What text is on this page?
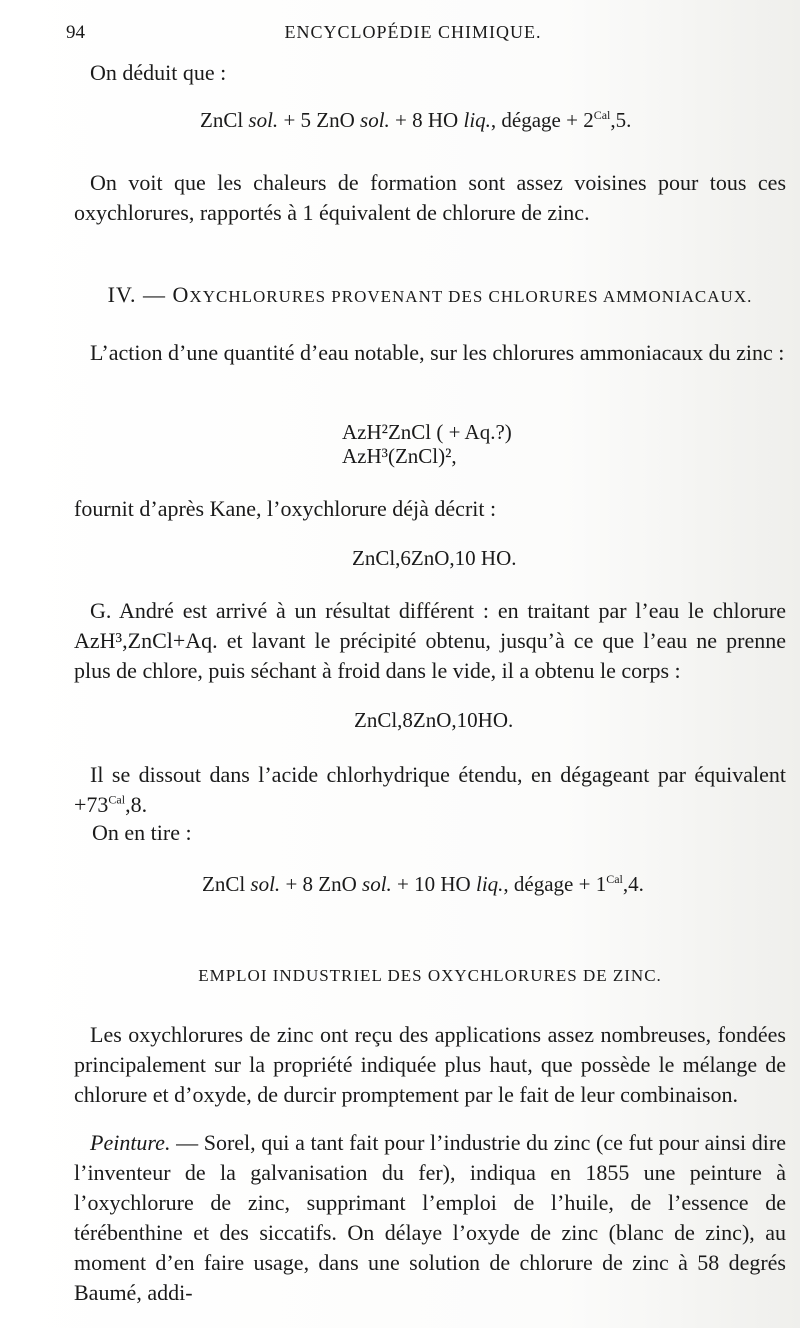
94	ENCYCLOPÉDIE CHIMIQUE.
On déduit que :
ZnCl sol. + 5 ZnO sol. + 8 HO liq., dégage + $2^{Cal},5$.
On voit que les chaleurs de formation sont assez voisines pour tous ces oxychlorures, rapportés à 1 équivalent de chlorure de zinc.
IV. — OXYCHLORURES PROVENANT DES CHLORURES AMMONIACAUX.
L’action d’une quantité d’eau notable, sur les chlorures ammoniacaux du zinc :
AzH²ZnCl ( + Aq.?)
AzH³(ZnCl)²,
fournit d’après Kane, l’oxychlorure déjà décrit :
ZnCl,6ZnO,10 HO.
G. André est arrivé à un résultat différent : en traitant par l’eau le chlorure AzH³,ZnCl+Aq. et lavant le précipité obtenu, jusqu’à ce que l’eau ne prenne plus de chlore, puis séchant à froid dans le vide, il a obtenu le corps :
ZnCl,8ZnO,10HO.
Il se dissout dans l’acide chlorhydrique étendu, en dégageant par équivalent $+73^{Cal},8$.
On en tire :
ZnCl sol. + 8 ZnO sol. + 10 HO liq., dégage + $1^{Cal},4$.
EMPLOI INDUSTRIEL DES OXYCHLORURES DE ZINC.
Les oxychlorures de zinc ont reçu des applications assez nombreuses, fondées principalement sur la propriété indiquée plus haut, que possède le mélange de chlorure et d’oxyde, de durcir promptement par le fait de leur combinaison.
Peinture. — Sorel, qui a tant fait pour l’industrie du zinc (ce fut pour ainsi dire l’inventeur de la galvanisation du fer), indiqua en 1855 une peinture à l’oxychlorure de zinc, supprimant l’emploi de l’huile, de l’essence de térébenthine et des siccatifs. On délaye l’oxyde de zinc (blanc de zinc), au moment d’en faire usage, dans une solution de chlorure de zinc à 58 degrés Baumé, addi-
